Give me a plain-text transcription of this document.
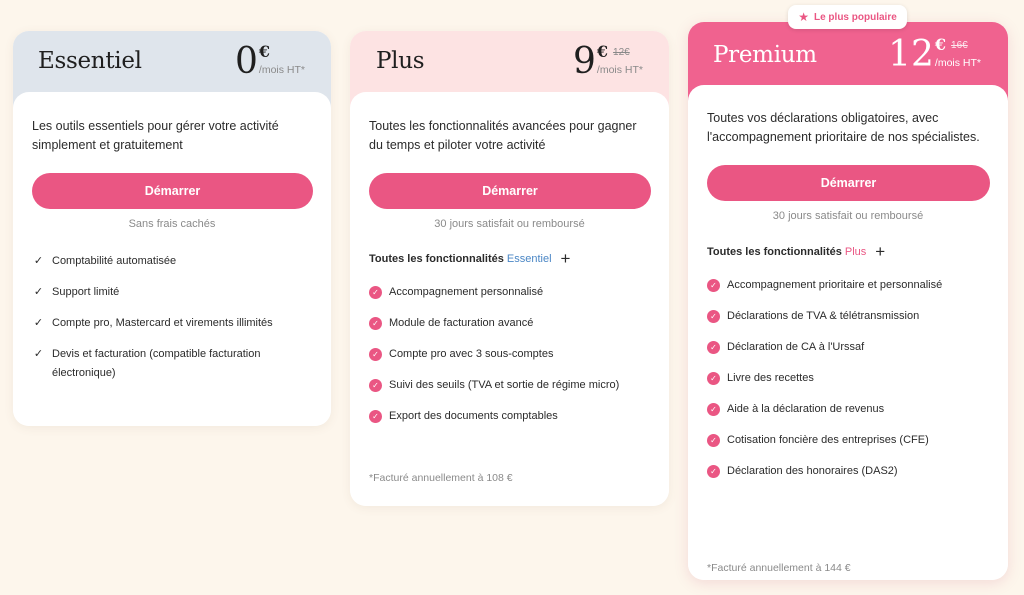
Essentiel	0 €
/mois HT*

Les outils essentiels pour gérer votre activité simplement et gratuitement

Démarrer
Sans frais cachés
✓ Comptabilité automatisée
✓ Support limité
✓ Compte pro, Mastercard et virements illimités
✓ Devis et facturation (compatible facturation électronique)
Plus	9 € 12€
/mois HT*

Toutes les fonctionnalités avancées pour gagner du temps et piloter votre activité

Démarrer
30 jours satisfait ou remboursé
Toutes les fonctionnalités Essentiel +
✓ Accompagnement personnalisé
✓ Module de facturation avancé
✓ Compte pro avec 3 sous-comptes
✓ Suivi des seuils (TVA et sortie de régime micro)
✓ Export des documents comptables
*Facturé annuellement à 108 €
Premium 12 € 16€
/mois HT*

Toutes vos déclarations obligatoires, avec l'accompagnement prioritaire de nos spécialistes.

Démarrer
30 jours satisfait ou remboursé
Toutes les fonctionnalités Plus +
✓ Accompagnement prioritaire et personnalisé
✓ Déclarations de TVA & télétransmission
✓ Déclaration de CA à l'Urssaf
✓ Livre des recettes
✓ Aide à la déclaration de revenus
✓ Cotisation foncière des entreprises (CFE)
✓ Déclaration des honoraires (DAS2)
*Facturé annuellement à 144 €
★ Le plus populaire
